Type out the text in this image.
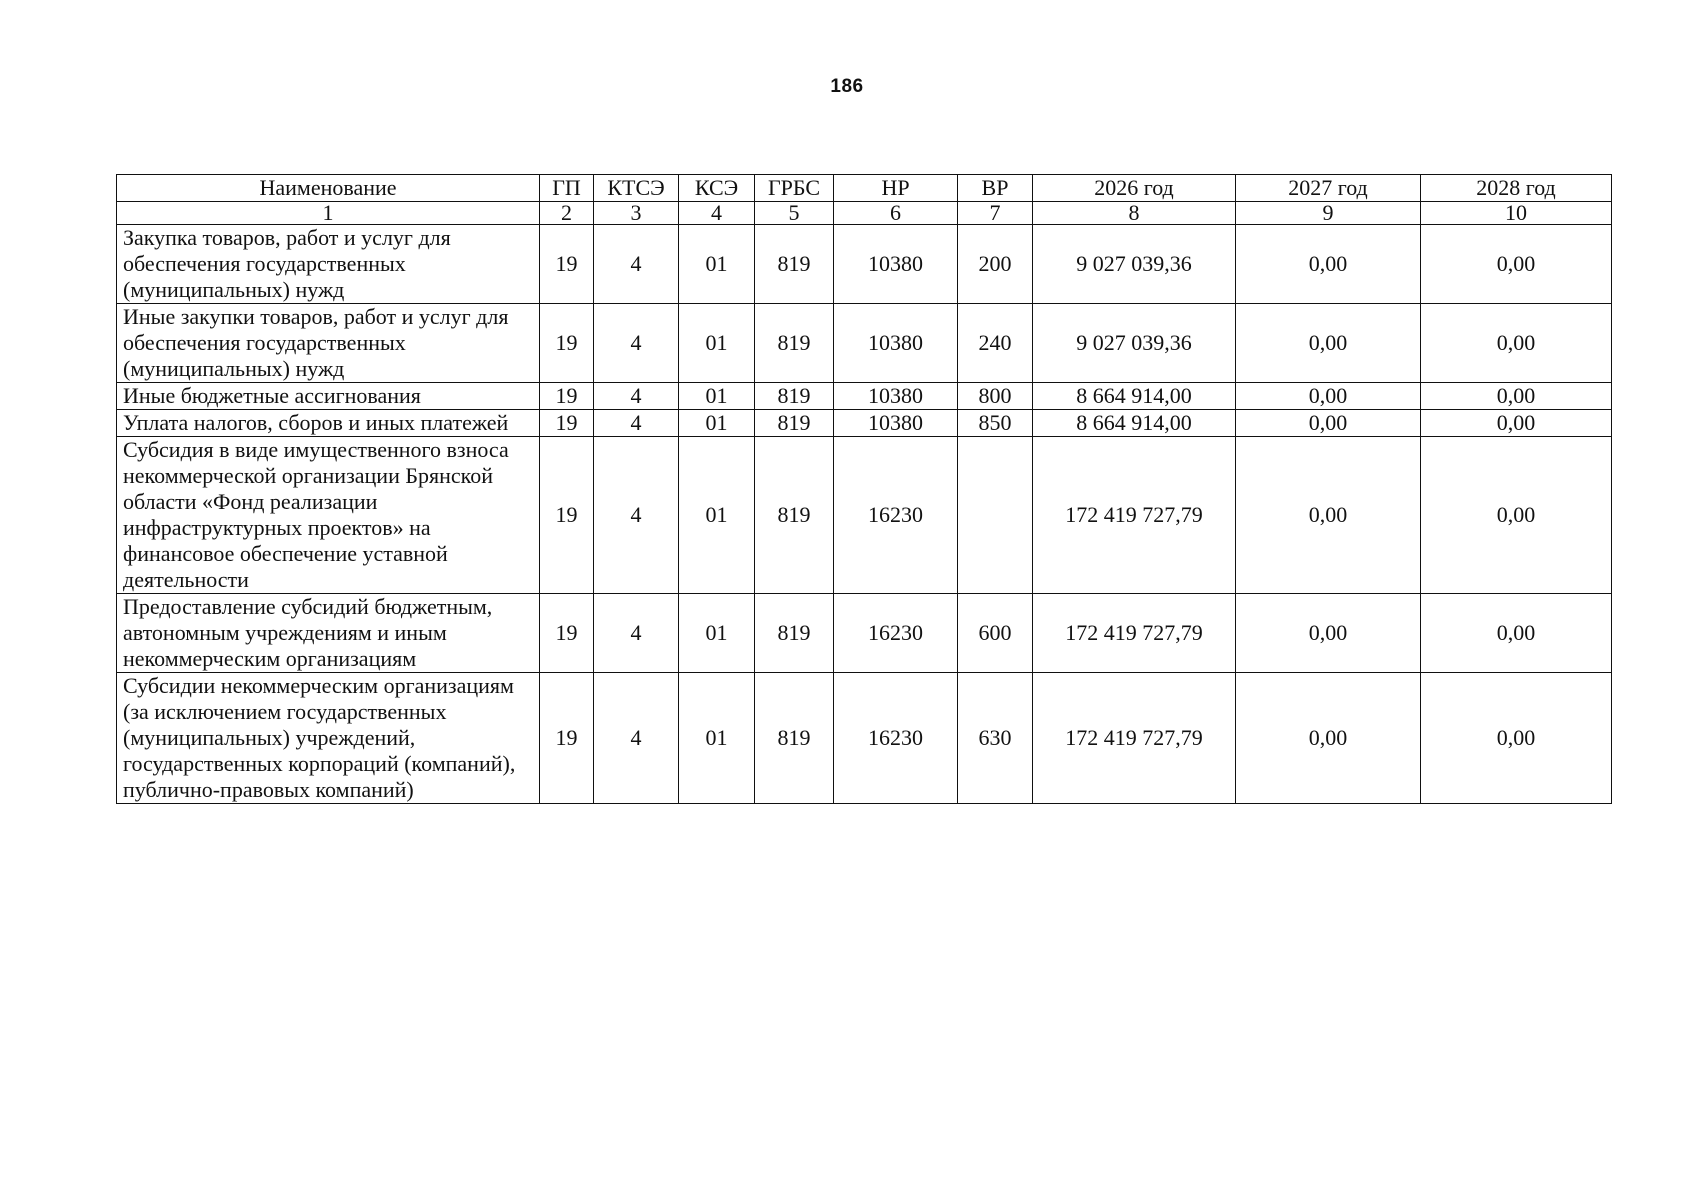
186
Наименование	ГП	КТСЭ	КСЭ	ГРБС	НР	ВР	2026 год	2027 год	2028 год
1	2	3	4	5	6	7	8	9	10
Закупка товаров, работ и услуг для обеспечения государственных (муниципальных) нужд	19	4	01	819	10380	200	9 027 039,36	0,00	0,00
Иные закупки товаров, работ и услуг для обеспечения государственных (муниципальных) нужд	19	4	01	819	10380	240	9 027 039,36	0,00	0,00
Иные бюджетные ассигнования	19	4	01	819	10380	800	8 664 914,00	0,00	0,00
Уплата налогов, сборов и иных платежей	19	4	01	819	10380	850	8 664 914,00	0,00	0,00
Субсидия в виде имущественного взноса некоммерческой организации Брянской области «Фонд реализации инфраструктурных проектов» на финансовое обеспечение уставной деятельности	19	4	01	819	16230		172 419 727,79	0,00	0,00
Предоставление субсидий бюджетным, автономным учреждениям и иным некоммерческим организациям	19	4	01	819	16230	600	172 419 727,79	0,00	0,00
Субсидии некоммерческим организациям (за исключением государственных (муниципальных) учреждений, государственных корпораций (компаний), публично-правовых компаний)	19	4	01	819	16230	630	172 419 727,79	0,00	0,00
